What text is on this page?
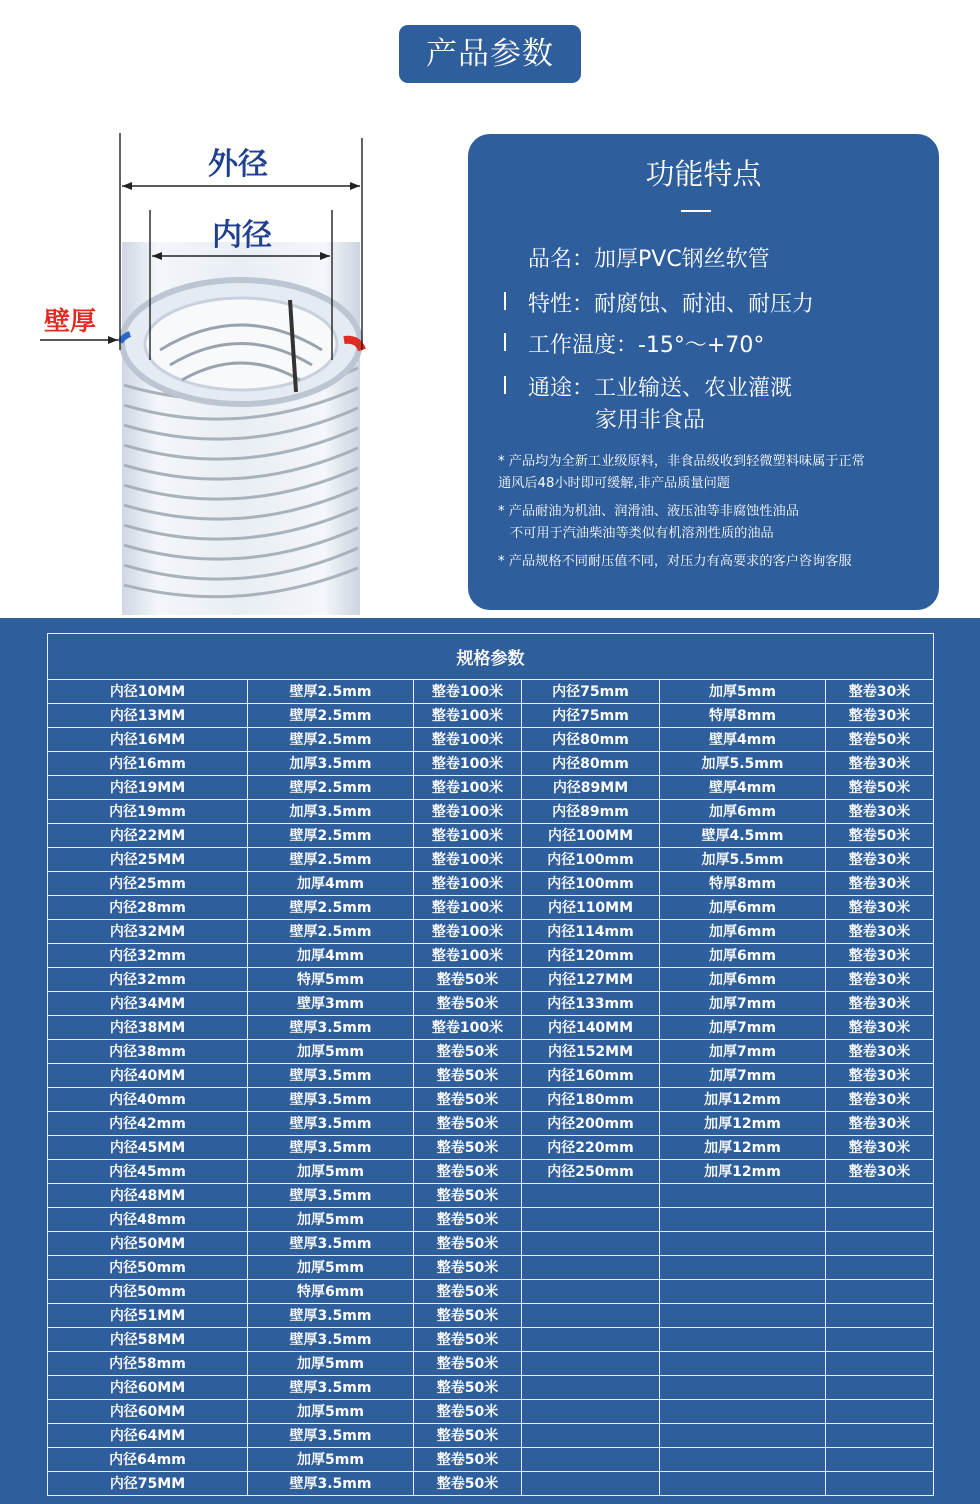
产品参数
外径
内径
壁厚
功能特点
品名：加厚PVC钢丝软管
特性：耐腐蚀、耐油、耐压力
工作温度：-15°～+70°
通途：工业输送、农业灌溉
家用非食品
* 产品均为全新工业级原料，非食品级收到轻微塑料味属于正常
通风后48小时即可缓解,非产品质量问题
* 产品耐油为机油、润滑油、液压油等非腐蚀性油品
不可用于汽油柴油等类似有机溶剂性质的油品
* 产品规格不同耐压值不同，对压力有高要求的客户咨询客服
规格参数					
内径10MM	壁厚2.5mm	整卷100米	内径75mm	加厚5mm	整卷30米
内径13MM	壁厚2.5mm	整卷100米	内径75mm	特厚8mm	整卷30米
内径16MM	壁厚2.5mm	整卷100米	内径80mm	壁厚4mm	整卷50米
内径16mm	加厚3.5mm	整卷100米	内径80mm	加厚5.5mm	整卷30米
内径19MM	壁厚2.5mm	整卷100米	内径89MM	壁厚4mm	整卷50米
内径19mm	加厚3.5mm	整卷100米	内径89mm	加厚6mm	整卷30米
内径22MM	壁厚2.5mm	整卷100米	内径100MM	壁厚4.5mm	整卷50米
内径25MM	壁厚2.5mm	整卷100米	内径100mm	加厚5.5mm	整卷30米
内径25mm	加厚4mm	整卷100米	内径100mm	特厚8mm	整卷30米
内径28mm	壁厚2.5mm	整卷100米	内径110MM	加厚6mm	整卷30米
内径32MM	壁厚2.5mm	整卷100米	内径114mm	加厚6mm	整卷30米
内径32mm	加厚4mm	整卷100米	内径120mm	加厚6mm	整卷30米
内径32mm	特厚5mm	整卷50米	内径127MM	加厚6mm	整卷30米
内径34MM	壁厚3mm	整卷50米	内径133mm	加厚7mm	整卷30米
内径38MM	壁厚3.5mm	整卷100米	内径140MM	加厚7mm	整卷30米
内径38mm	加厚5mm	整卷50米	内径152MM	加厚7mm	整卷30米
内径40MM	壁厚3.5mm	整卷50米	内径160mm	加厚7mm	整卷30米
内径40mm	壁厚3.5mm	整卷50米	内径180mm	加厚12mm	整卷30米
内径42mm	壁厚3.5mm	整卷50米	内径200mm	加厚12mm	整卷30米
内径45MM	壁厚3.5mm	整卷50米	内径220mm	加厚12mm	整卷30米
内径45mm	加厚5mm	整卷50米	内径250mm	加厚12mm	整卷30米
内径48MM	壁厚3.5mm	整卷50米			
内径48mm	加厚5mm	整卷50米			
内径50MM	壁厚3.5mm	整卷50米			
内径50mm	加厚5mm	整卷50米			
内径50mm	特厚6mm	整卷50米			
内径51MM	壁厚3.5mm	整卷50米			
内径58MM	壁厚3.5mm	整卷50米			
内径58mm	加厚5mm	整卷50米			
内径60MM	壁厚3.5mm	整卷50米			
内径60MM	加厚5mm	整卷50米			
内径64MM	壁厚3.5mm	整卷50米			
内径64mm	加厚5mm	整卷50米			
内径75MM	壁厚3.5mm	整卷50米			
